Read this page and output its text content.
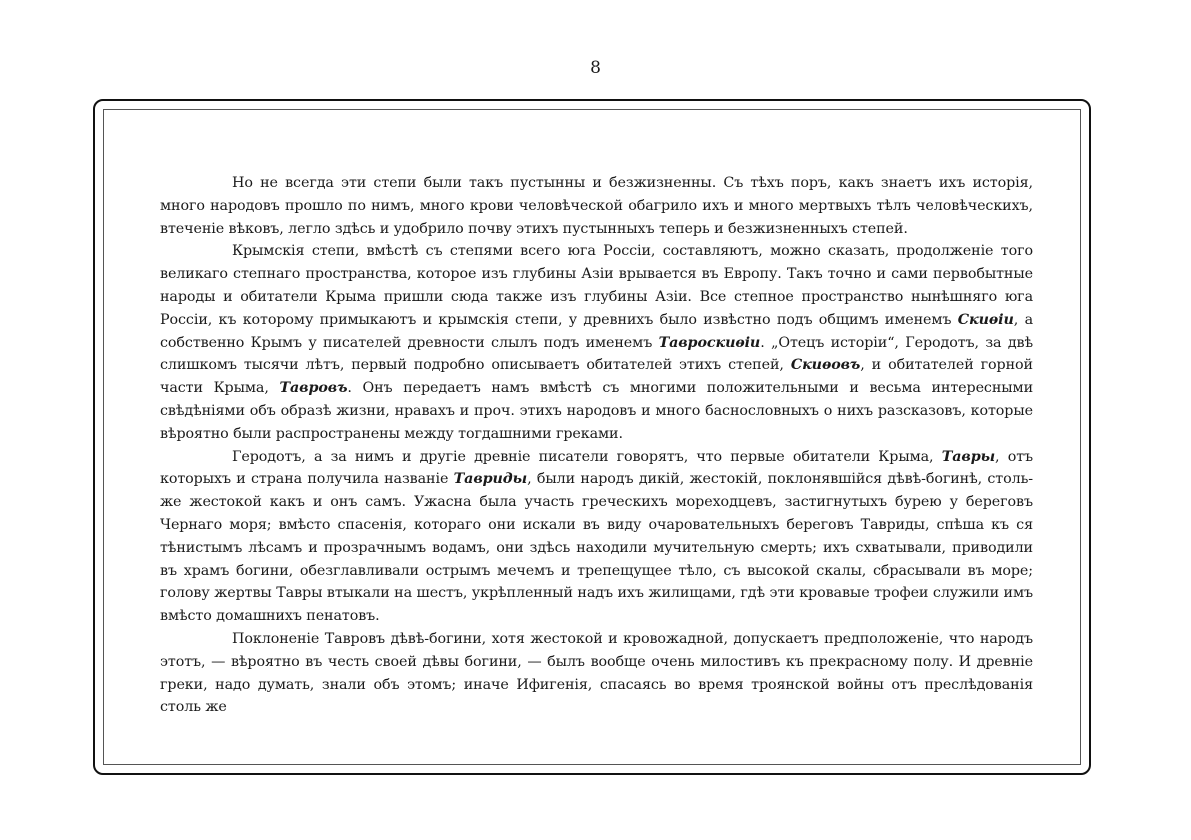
8

Но не всегда эти степи были такъ пустынны и безжизненны. Съ тѣхъ поръ, какъ знаетъ ихъ исторія, много народовъ прошло по нимъ, много крови человѣческой обагрило ихъ и много мертвыхъ тѣлъ человѣческихъ, втеченіе вѣковъ, легло здѣсь и удобрило почву этихъ пустынныхъ теперь и безжизненныхъ степей.

Крымскія степи, вмѣстѣ съ степями всего юга Россіи, составляютъ, можно сказать, продолженіе того великаго степнаго пространства, которое изъ глубины Азіи врывается въ Европу. Такъ точно и сами первобытные народы и обитатели Крыма пришли сюда также изъ глубины Азіи. Все степное пространство нынѣшняго юга Россіи, къ которому примыкаютъ и крымскія степи, у древнихъ было извѣстно подъ общимъ именемъ Скиѳіи, а собственно Крымъ у писателей древности слылъ подъ именемъ Тавроскиѳіи. „Отецъ исторіи“, Геродотъ, за двѣ слишкомъ тысячи лѣтъ, первый подробно описываетъ обитателей этихъ степей, Скиѳовъ, и обитателей горной части Крыма, Тавровъ. Онъ передаетъ намъ вмѣстѣ съ многими положительными и весьма интересными свѣдѣніями объ образѣ жизни, нравахъ и проч. этихъ народовъ и много баснословныхъ о нихъ разсказовъ, которые вѣроятно были распространены между тогдашними греками.

Геродотъ, а за нимъ и другіе древніе писатели говорятъ, что первые обитатели Крыма, Тавры, отъ которыхъ и страна получила названіе Тавриды, были народъ дикій, жестокій, поклонявшійся дѣвѣ-богинѣ, столь-же жестокой какъ и онъ самъ. Ужасна была участь греческихъ мореходцевъ, застигнутыхъ бурею у береговъ Чернаго моря; вмѣсто спасенія, котораго они искали въ виду очаровательныхъ береговъ Тавриды, спѣша къ ся тѣнистымъ лѣсамъ и прозрачнымъ водамъ, они здѣсь находили мучительную смерть; ихъ схватывали, приводили въ храмъ богини, обезглавливали острымъ мечемъ и трепещущее тѣло, съ высокой скалы, сбрасывали въ море; голову жертвы Тавры втыкали на шестъ, укрѣпленный надъ ихъ жилищами, гдѣ эти кровавые трофеи служили имъ вмѣсто домашнихъ пенатовъ.

Поклоненіе Тавровъ дѣвѣ-богини, хотя жестокой и кровожадной, допускаетъ предположеніе, что народъ этотъ, — вѣроятно въ честь своей дѣвы богини, — былъ вообще очень милостивъ къ прекрасному полу. И древніе греки, надо думать, знали объ этомъ; иначе Ифигенія, спасаясь во время троянской войны отъ преслѣдованія столь же
